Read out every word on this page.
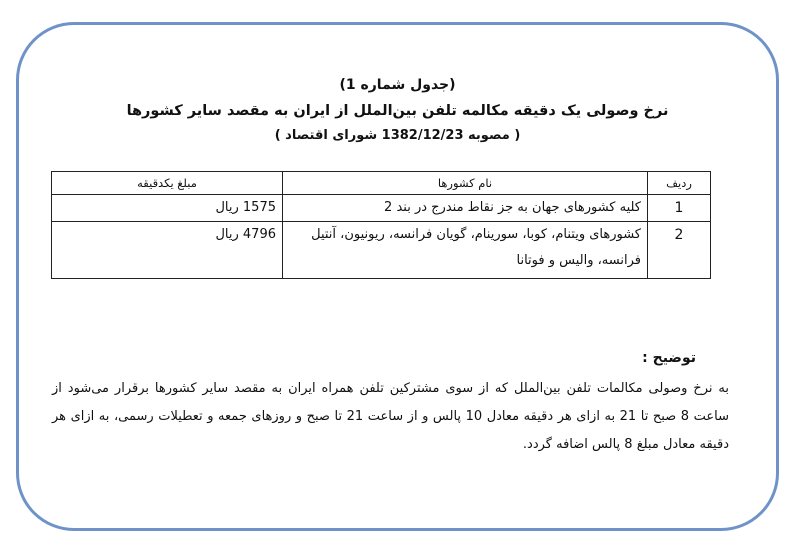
(جدول شماره 1)
نرخ وصولی یک دقیقه مکالمه تلفن بین‌الملل از ایران به مقصد سایر کشورها
( مصوبه 1382/12/23 شورای اقتصاد )
توضیح :
به نرخ وصولی مکالمات تلفن بین‌الملل که از سوی مشترکین تلفن همراه ایران به مقصد سایر کشورها برقرار می‌شود از ساعت 8 صبح تا 21 به ازای هر دقیقه معادل 10 پالس و از ساعت 21 تا صبح و روزهای جمعه و تعطیلات رسمی، به ازای هر دقیقه معادل مبلغ 8 پالس اضافه گردد.
ردیف	نام کشورها	مبلغ یکدقیقه
1	کلیه کشورهای جهان به جز نقاط مندرج در بند 2	1575 ریال
2	کشورهای ویتنام، کوبا، سورینام، گویان فرانسه، ریونیون، آنتیل فرانسه، والیس و فوتانا	4796 ریال
